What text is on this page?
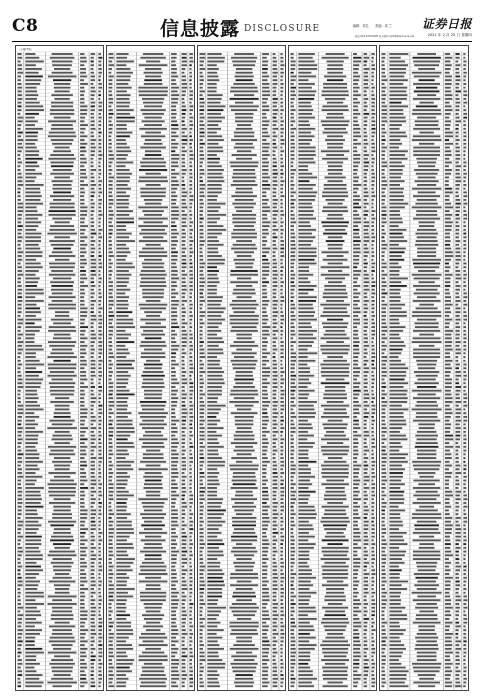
C8	信息披露 DISCLOSURE	编辑：刘礼　　美编：高 兰
电话:010-63070328 电子邮件:zqrb9@zqrb.sina.net
证券日报
2021 年 2 月 25 日 星期四
（上接C7版）
